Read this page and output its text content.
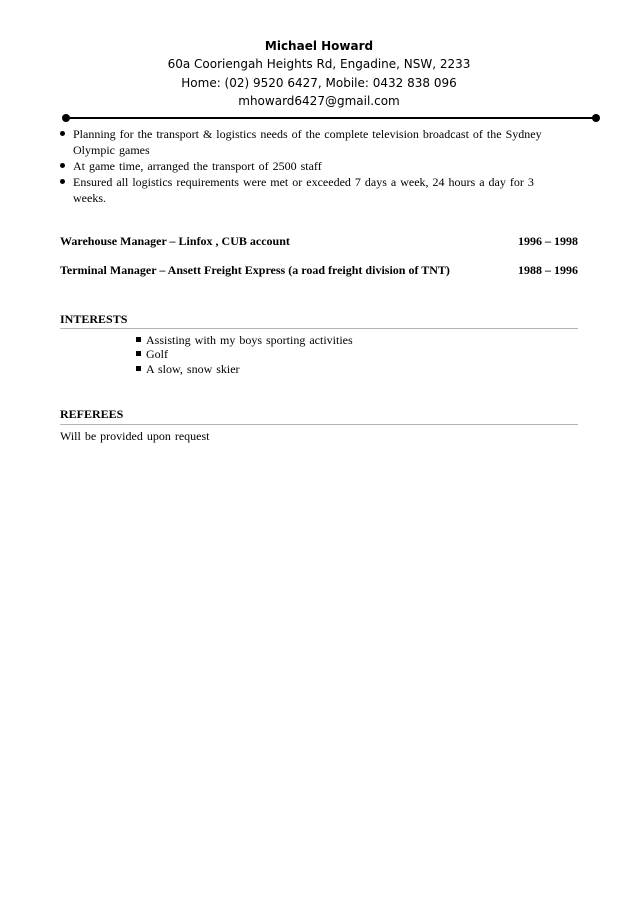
Michael Howard
60a Cooriengah Heights Rd, Engadine, NSW, 2233
Home: (02) 9520 6427, Mobile: 0432 838 096
mhoward6427@gmail.com
Planning for the transport & logistics needs of the complete television broadcast of the Sydney
Olympic games
At game time, arranged the transport of 2500 staff
Ensured all logistics requirements were met or exceeded 7 days a week, 24 hours a day for 3
weeks.
Warehouse Manager – Linfox , CUB account	1996 – 1998
Terminal Manager – Ansett Freight Express (a road freight division of TNT)	1988 – 1996
INTERESTS
Assisting with my boys sporting activities
Golf
A slow, snow skier
REFEREES
Will be provided upon request
